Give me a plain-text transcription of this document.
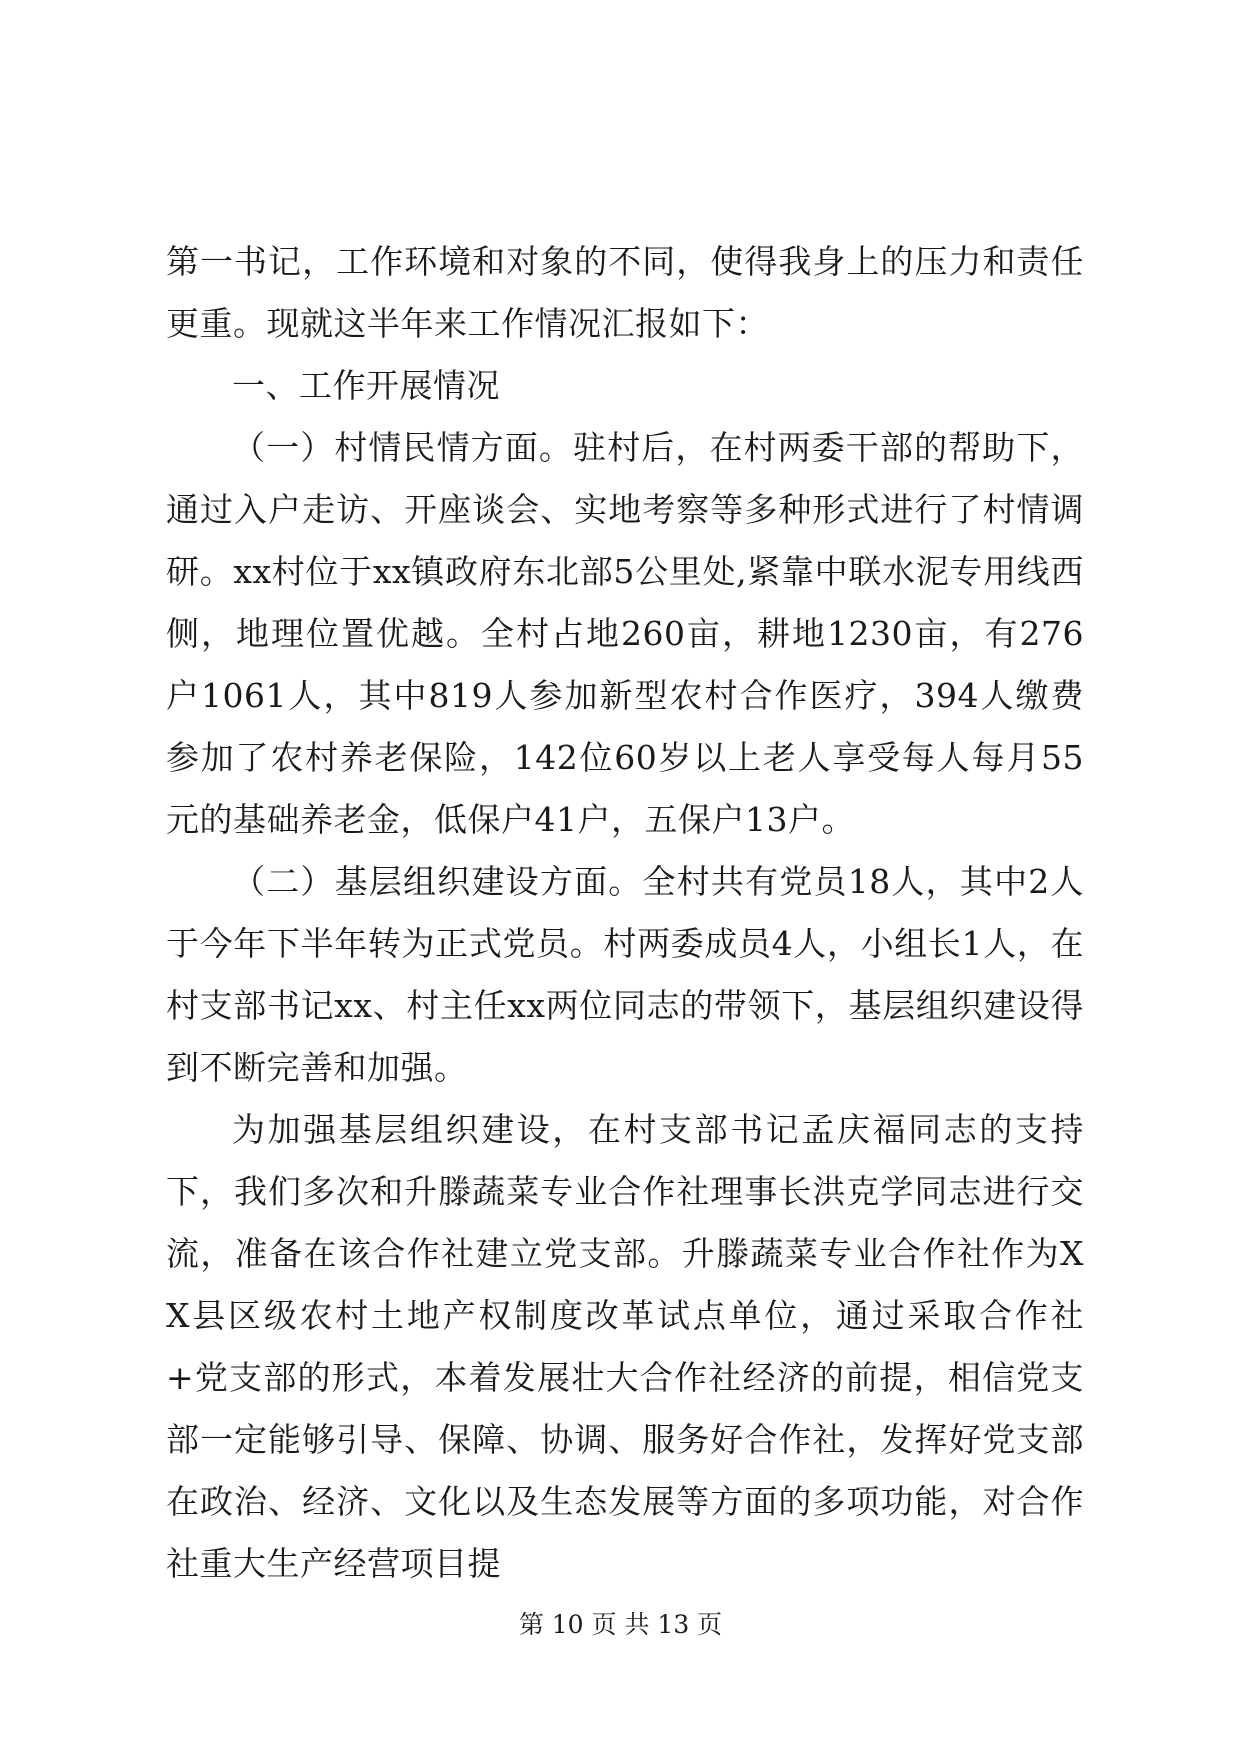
第一书记，工作环境和对象的不同，使得我身上的压力和责任更重。现就这半年来工作情况汇报如下：

一、工作开展情况

（一）村情民情方面。驻村后，在村两委干部的帮助下，通过入户走访、开座谈会、实地考察等多种形式进行了村情调研。xx村位于xx镇政府东北部5公里处,紧靠中联水泥专用线西侧，地理位置优越。全村占地260亩，耕地1230亩，有276户1061人，其中819人参加新型农村合作医疗，394人缴费参加了农村养老保险，142位60岁以上老人享受每人每月55元的基础养老金，低保户41户，五保户13户。

（二）基层组织建设方面。全村共有党员18人，其中2人于今年下半年转为正式党员。村两委成员4人，小组长1人，在村支部书记xx、村主任xx两位同志的带领下，基层组织建设得到不断完善和加强。

为加强基层组织建设，在村支部书记孟庆福同志的支持下，我们多次和升滕蔬菜专业合作社理事长洪克学同志进行交流，准备在该合作社建立党支部。升滕蔬菜专业合作社作为XX县区级农村土地产权制度改革试点单位，通过采取合作社+党支部的形式，本着发展壮大合作社经济的前提，相信党支部一定能够引导、保障、协调、服务好合作社，发挥好党支部在政治、经济、文化以及生态发展等方面的多项功能，对合作社重大生产经营项目提

第 10 页 共 13 页
